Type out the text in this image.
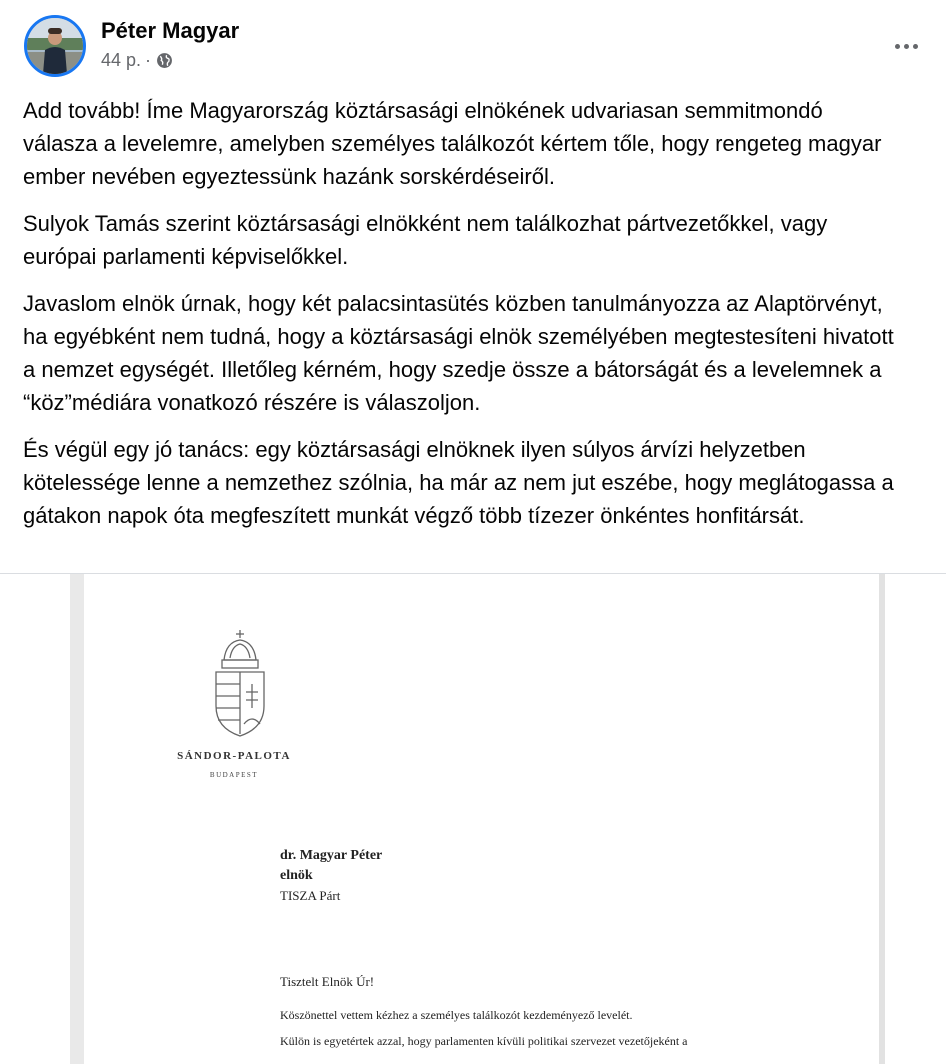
Péter Magyar
44 p. ·

Add tovább! Íme Magyarország köztársasági elnökének udvariasan semmitmondó válasza a levelemre, amelyben személyes találkozót kértem tőle, hogy rengeteg magyar ember nevében egyeztessünk hazánk sorskérdéseiről.

Sulyok Tamás szerint köztársasági elnökként nem találkozhat pártvezetőkkel, vagy európai parlamenti képviselőkkel.

Javaslom elnök úrnak, hogy két palacsintasütés közben tanulmányozza az Alaptörvényt, ha egyébként nem tudná, hogy a köztársasági elnök személyében megtestesíteni hivatott a nemzet egységét. Illetőleg kérném, hogy szedje össze a bátorságát és a levelemnek a “köz”médiára vonatkozó részére is válaszoljon.

És végül egy jó tanács: egy köztársasági elnöknek ilyen súlyos árvízi helyzetben kötelessége lenne a nemzethez szólnia, ha már az nem jut eszébe, hogy meglátogassa a gátakon napok óta megfeszített munkát végző több tízezer önkéntes honfitársát.

SÁNDOR-PALOTA
BUDAPEST
dr. Magyar Péter
elnök
TISZA Párt
Tisztelt Elnök Úr!
Köszönettel vettem kézhez a személyes találkozót kezdeményező levelét.
Külön is egyetértek azzal, hogy parlamenten kívüli politikai szervezet vezetőjeként a
